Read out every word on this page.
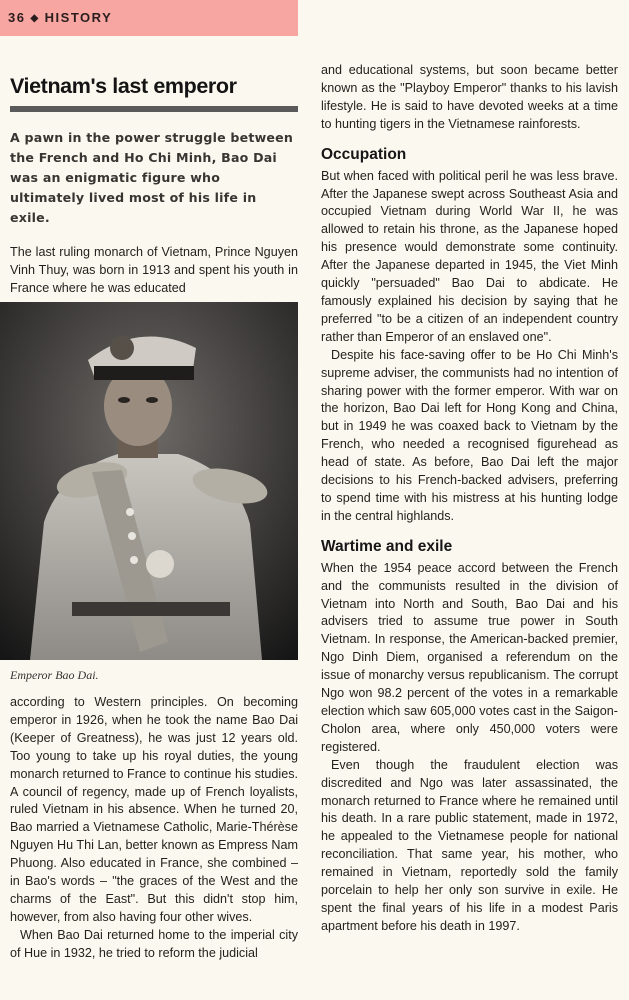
36 ◆ HISTORY
Vietnam's last emperor

A pawn in the power struggle between the French and Ho Chi Minh, Bao Dai was an enigmatic figure who ultimately lived most of his life in exile.

The last ruling monarch of Vietnam, Prince Nguyen Vinh Thuy, was born in 1913 and spent his youth in France where he was educated

Emperor Bao Dai.

according to Western principles. On becoming emperor in 1926, when he took the name Bao Dai (Keeper of Greatness), he was just 12 years old. Too young to take up his royal duties, the young monarch returned to France to continue his studies. A council of regency, made up of French loyalists, ruled Vietnam in his absence. When he turned 20, Bao married a Vietnamese Catholic, Marie-Thérèse Nguyen Hu Thi Lan, better known as Empress Nam Phuong. Also educated in France, she combined – in Bao's words – "the graces of the West and the charms of the East". But this didn't stop him, however, from also having four other wives.

When Bao Dai returned home to the imperial city of Hue in 1932, he tried to reform the judicial

and educational systems, but soon became better known as the "Playboy Emperor" thanks to his lavish lifestyle. He is said to have devoted weeks at a time to hunting tigers in the Vietnamese rainforests.

Occupation

But when faced with political peril he was less brave. After the Japanese swept across Southeast Asia and occupied Vietnam during World War II, he was allowed to retain his throne, as the Japanese hoped his presence would demonstrate some continuity. After the Japanese departed in 1945, the Viet Minh quickly "persuaded" Bao Dai to abdicate. He famously explained his decision by saying that he preferred "to be a citizen of an independent country rather than Emperor of an enslaved one".

Despite his face-saving offer to be Ho Chi Minh's supreme adviser, the communists had no intention of sharing power with the former emperor. With war on the horizon, Bao Dai left for Hong Kong and China, but in 1949 he was coaxed back to Vietnam by the French, who needed a recognised figurehead as head of state. As before, Bao Dai left the major decisions to his French-backed advisers, preferring to spend time with his mistress at his hunting lodge in the central highlands.

Wartime and exile

When the 1954 peace accord between the French and the communists resulted in the division of Vietnam into North and South, Bao Dai and his advisers tried to assume true power in South Vietnam. In response, the American-backed premier, Ngo Dinh Diem, organised a referendum on the issue of monarchy versus republicanism. The corrupt Ngo won 98.2 percent of the votes in a remarkable election which saw 605,000 votes cast in the Saigon-Cholon area, where only 450,000 voters were registered.

Even though the fraudulent election was discredited and Ngo was later assassinated, the monarch returned to France where he remained until his death. In a rare public statement, made in 1972, he appealed to the Vietnamese people for national reconciliation. That same year, his mother, who remained in Vietnam, reportedly sold the family porcelain to help her only son survive in exile. He spent the final years of his life in a modest Paris apartment before his death in 1997.
